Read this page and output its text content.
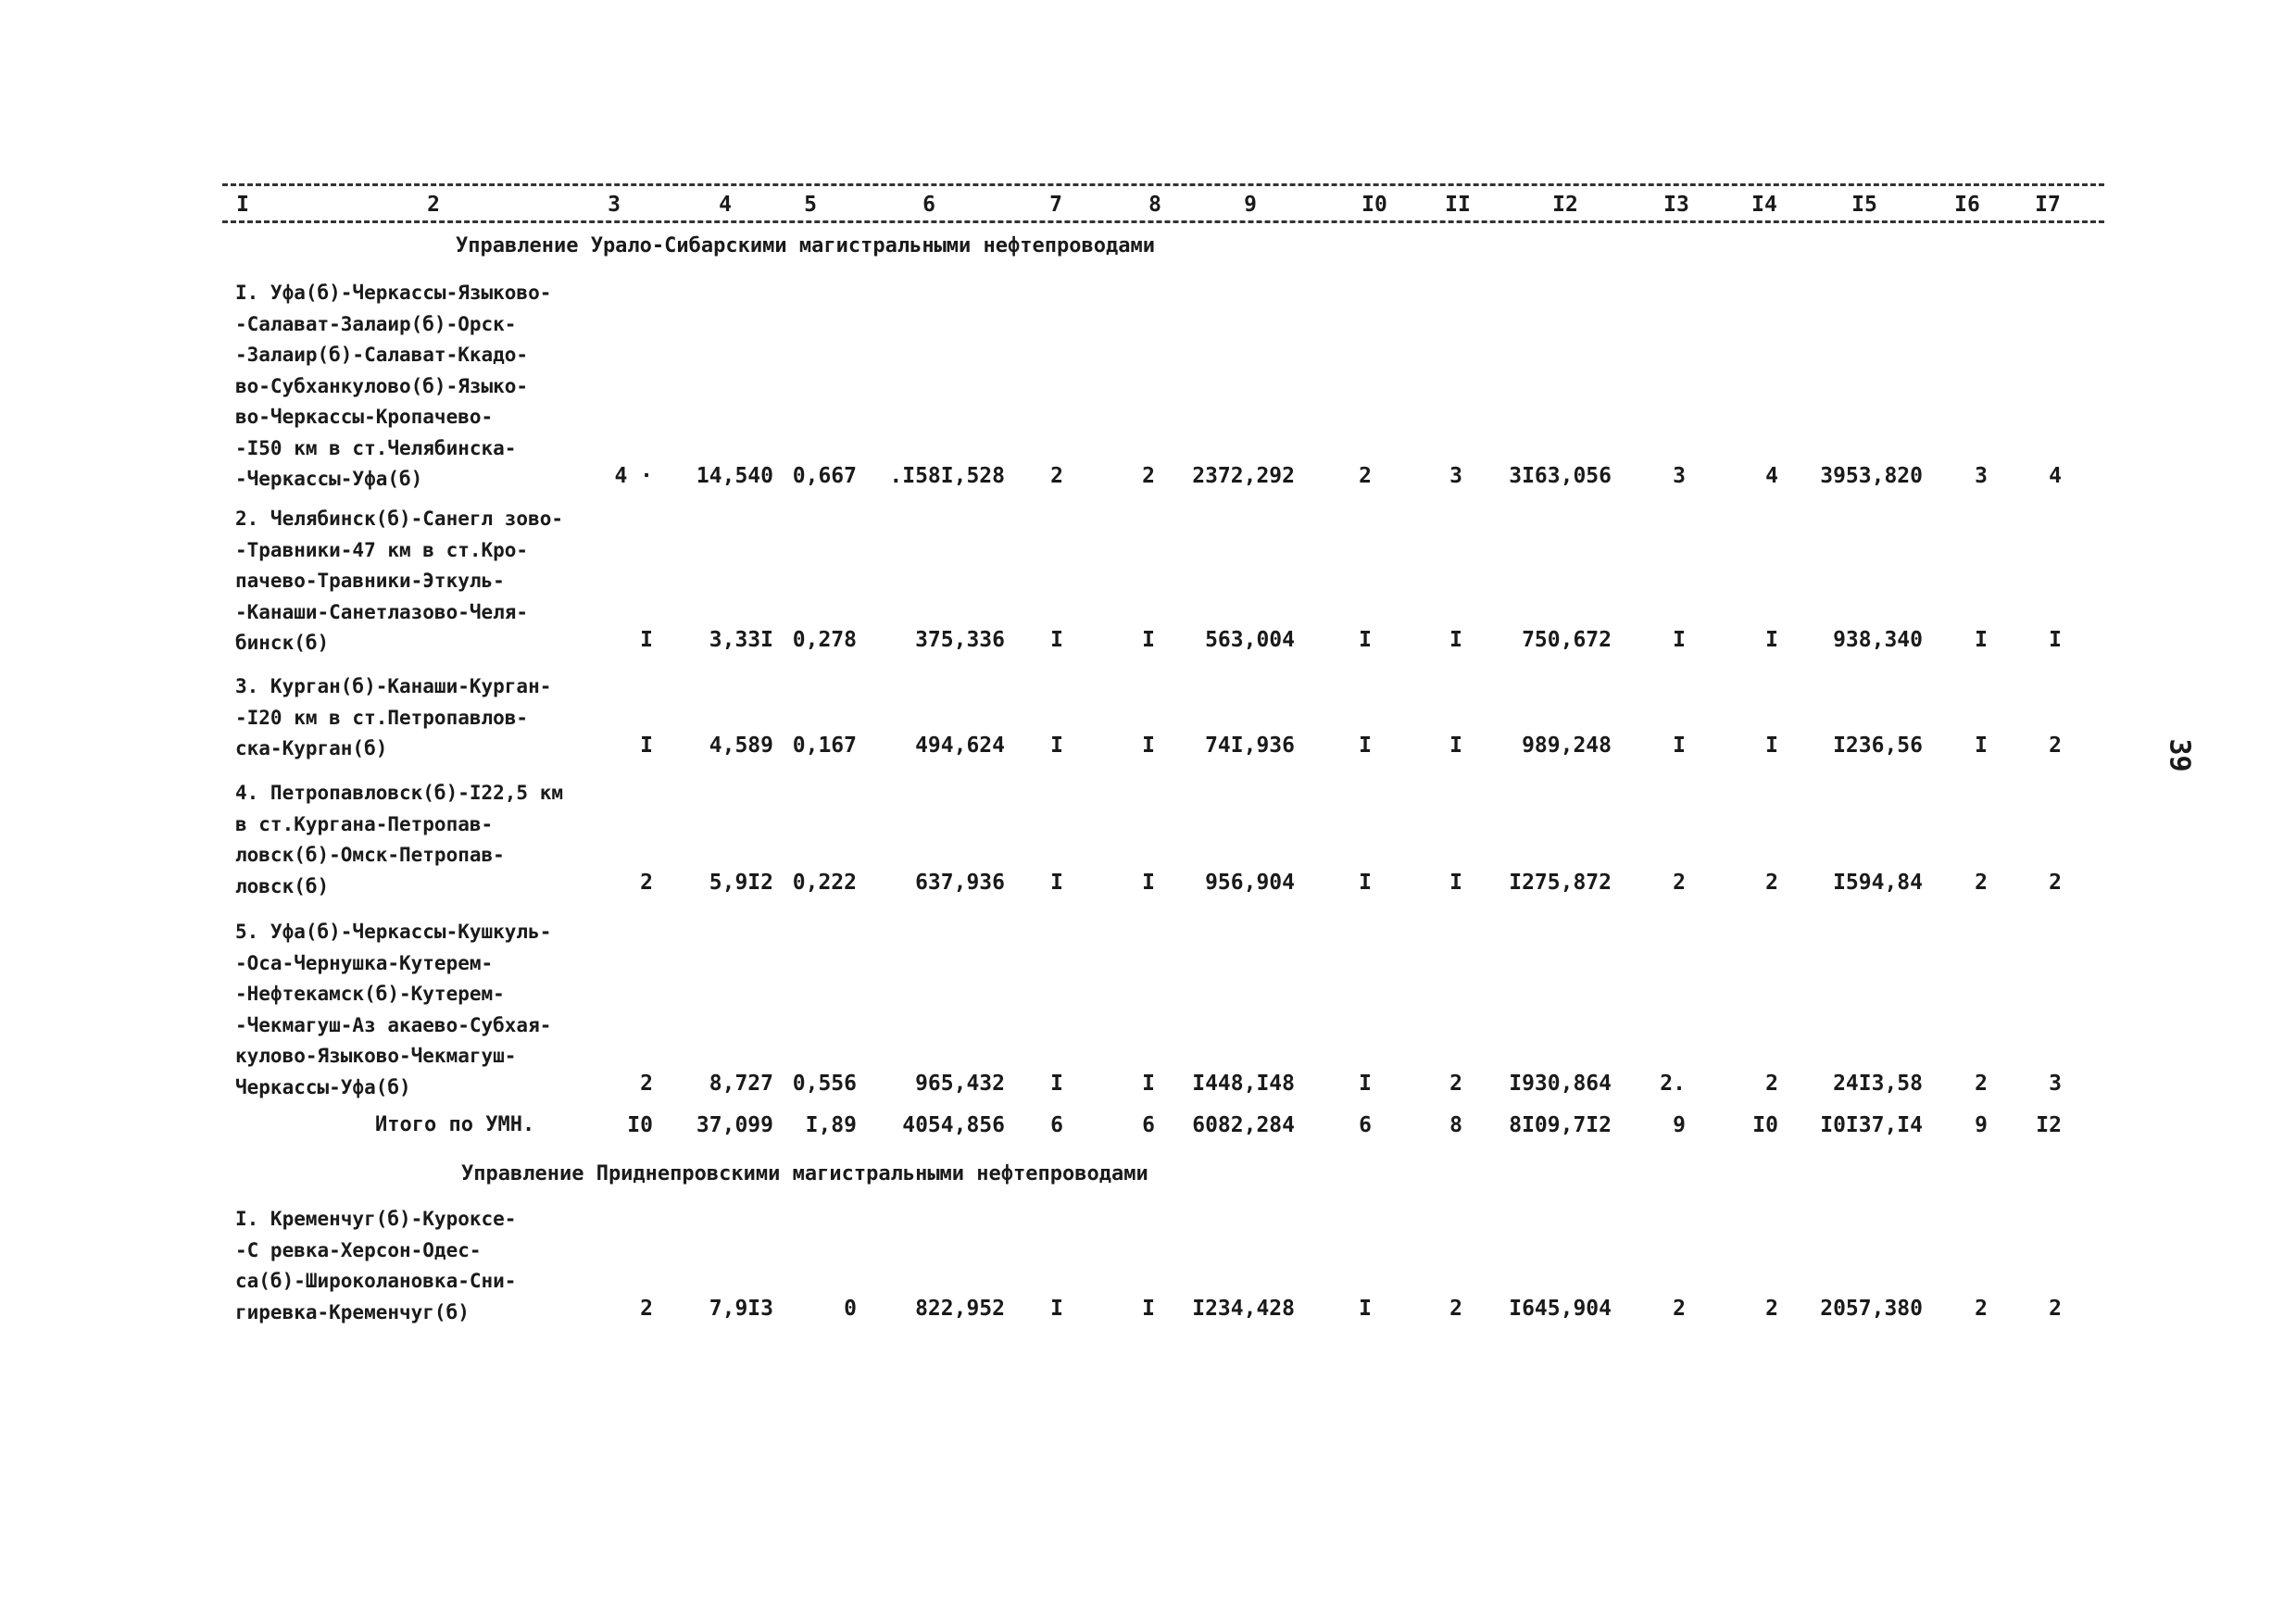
I	2	3	4	5	6	7	8	9	I0	II	I2	I3	I4	I5	I6	I7
Управление Урало-Сибарскими магистральными нефтепроводами
I. Уфа(б)-Черкассы-Языково-
-Салават-Залаир(б)-Орск-
-Залаир(б)-Салават-Ккадо-
во-Субханкулово(б)-Языко-
во-Черкассы-Кропачево-
-I50 км в ст.Челябинска-
-Черкассы-Уфа(б)	4 ·	14,540 0,667	.I58I,528	2	2	2372,292	2	3	3I63,056	3	4	3953,820	3	4
2. Челябинск(б)-Санегл зово-
-Травники-47 км в ст.Кро-
пачево-Травники-Эткуль-
-Канаши-Санетлазово-Челя-
бинск(б)	I	3,33I 0,278	375,336	I	I	563,004	I	I	750,672	I	I	938,340	I	I
3. Курган(б)-Канаши-Курган-
-I20 км в ст.Петропавлов-
ска-Курган(б)	I	4,589 0,167	494,624	I	I	74I,936	I	I	989,248	I	I	I236,56	I	2
4. Петропавловск(б)-I22,5 км
в ст.Кургана-Петропав-
ловск(б)-Омск-Петропав-
ловск(б)	2	5,9I2 0,222	637,936	I	I	956,904	I	I	I275,872	2	2	I594,84	2	2
5. Уфа(б)-Черкассы-Кушкуль-
-Оса-Чернушка-Кутерем-
-Нефтекамск(б)-Кутерем-
-Чекмагуш-Аз акаево-Субхая-
кулово-Языково-Чекмагуш-
Черкассы-Уфа(б)	2	8,727 0,556	965,432	I	I	I448,I48	I	2	I930,864	2.	2	24I3,58	2	3
Итого по УМН.	I0	37,099	I,89	4054,856	6	6	6082,284	6	8	8I09,7I2	9	I0	I0I37,I4	9	I2
Управление Приднепровскими магистральными нефтепроводами
I. Кременчуг(б)-Куроксе-
-С ревка-Херсон-Одес-
са(б)-Широколановка-Сни-
гиревка-Кременчуг(б)	2	7,9I3	0	822,952	I	I	I234,428	I	2	I645,904	2	2	2057,380	2	2
39
